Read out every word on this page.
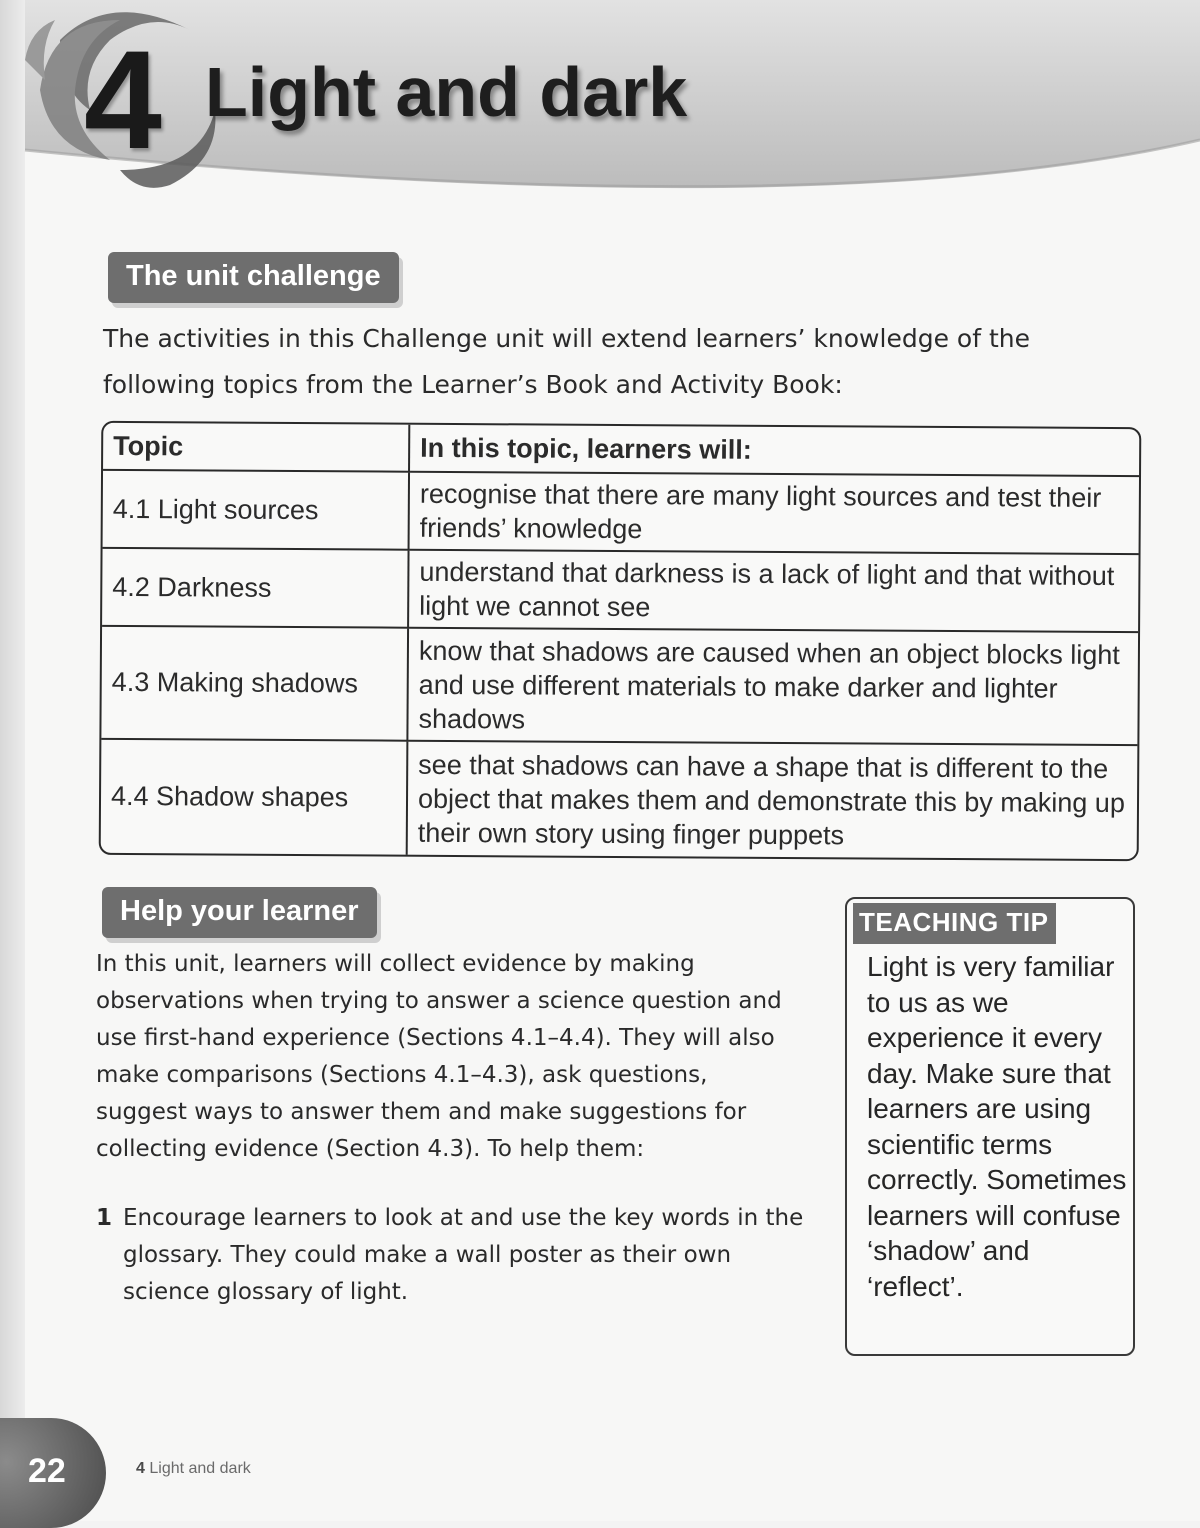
4 Light and dark
The unit challenge
The activities in this Challenge unit will extend learners’ knowledge of the following topics from the Learner’s Book and Activity Book:
Topic	In this topic, learners will:
4.1 Light sources	recognise that there are many light sources and test their friends’ knowledge
4.2 Darkness	understand that darkness is a lack of light and that without light we cannot see
4.3 Making shadows	know that shadows are caused when an object blocks light and use different materials to make darker and lighter shadows
4.4 Shadow shapes	see that shadows can have a shape that is different to the object that makes them and demonstrate this by making up their own story using finger puppets
Help your learner
In this unit, learners will collect evidence by making observations when trying to answer a science question and use first-hand experience (Sections 4.1–4.4). They will also make comparisons (Sections 4.1–4.3), ask questions, suggest ways to answer them and make suggestions for collecting evidence (Section 4.3). To help them:
1 Encourage learners to look at and use the key words in the glossary. They could make a wall poster as their own science glossary of light.
TEACHING TIP
Light is very familiar to us as we experience it every day. Make sure that learners are using scientific terms correctly. Sometimes learners will confuse ‘shadow’ and ‘reflect’.
22	4 Light and dark
